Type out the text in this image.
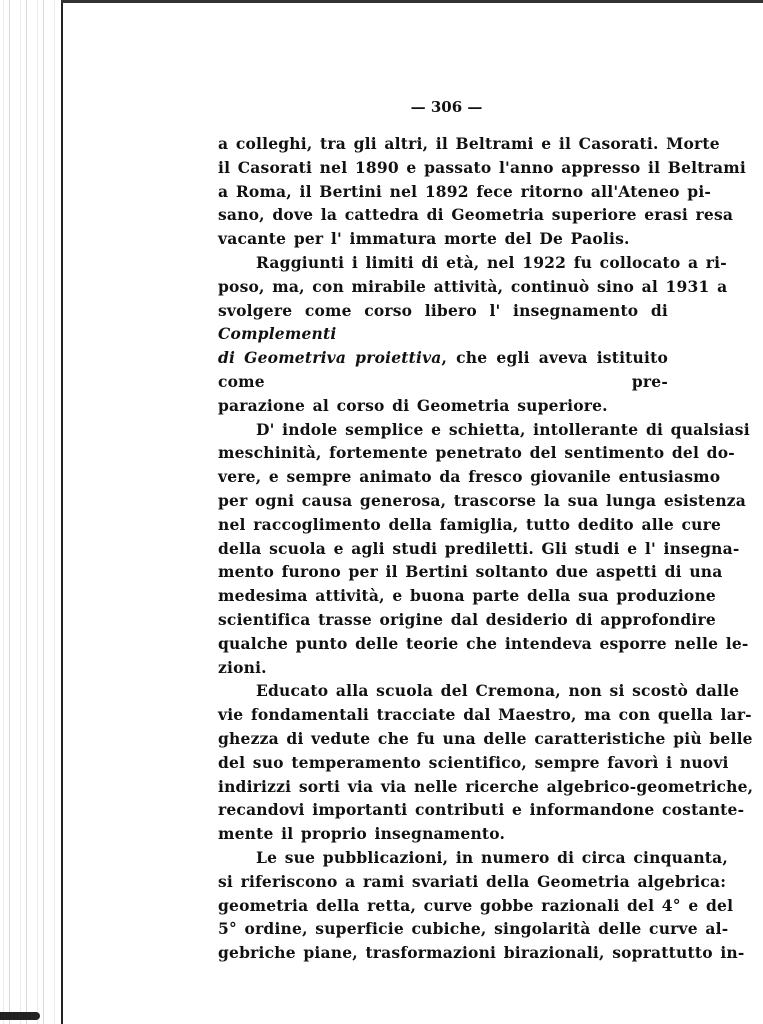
— 306 —
a colleghi, tra gli altri, il Beltrami e il Casorati. Morte
il Casorati nel 1890 e passato l'anno appresso il Beltrami
a Roma, il Bertini nel 1892 fece ritorno all'Ateneo pi-
sano, dove la cattedra di Geometria superiore erasi resa
vacante per l' immatura morte del De Paolis.
Raggiunti i limiti di età, nel 1922 fu collocato a ri-
poso, ma, con mirabile attività, continuò sino al 1931 a
svolgere come corso libero l' insegnamento di Complementi
di Geometriva proiettiva, che egli aveva istituito come pre-
parazione al corso di Geometria superiore.
D' indole semplice e schietta, intollerante di qualsiasi
meschinità, fortemente penetrato del sentimento del do-
vere, e sempre animato da fresco giovanile entusiasmo
per ogni causa generosa, trascorse la sua lunga esistenza
nel raccoglimento della famiglia, tutto dedito alle cure
della scuola e agli studi prediletti. Gli studi e l' insegna-
mento furono per il Bertini soltanto due aspetti di una
medesima attività, e buona parte della sua produzione
scientifica trasse origine dal desiderio di approfondire
qualche punto delle teorie che intendeva esporre nelle le-
zioni.
Educato alla scuola del Cremona, non si scostò dalle
vie fondamentali tracciate dal Maestro, ma con quella lar-
ghezza di vedute che fu una delle caratteristiche più belle
del suo temperamento scientifico, sempre favorì i nuovi
indirizzi sorti via via nelle ricerche algebrico-geometriche,
recandovi importanti contributi e informandone costante-
mente il proprio insegnamento.
Le sue pubblicazioni, in numero di circa cinquanta,
si riferiscono a rami svariati della Geometria algebrica:
geometria della retta, curve gobbe razionali del 4° e del
5° ordine, superficie cubiche, singolarità delle curve al-
gebriche piane, trasformazioni birazionali, soprattutto in-
